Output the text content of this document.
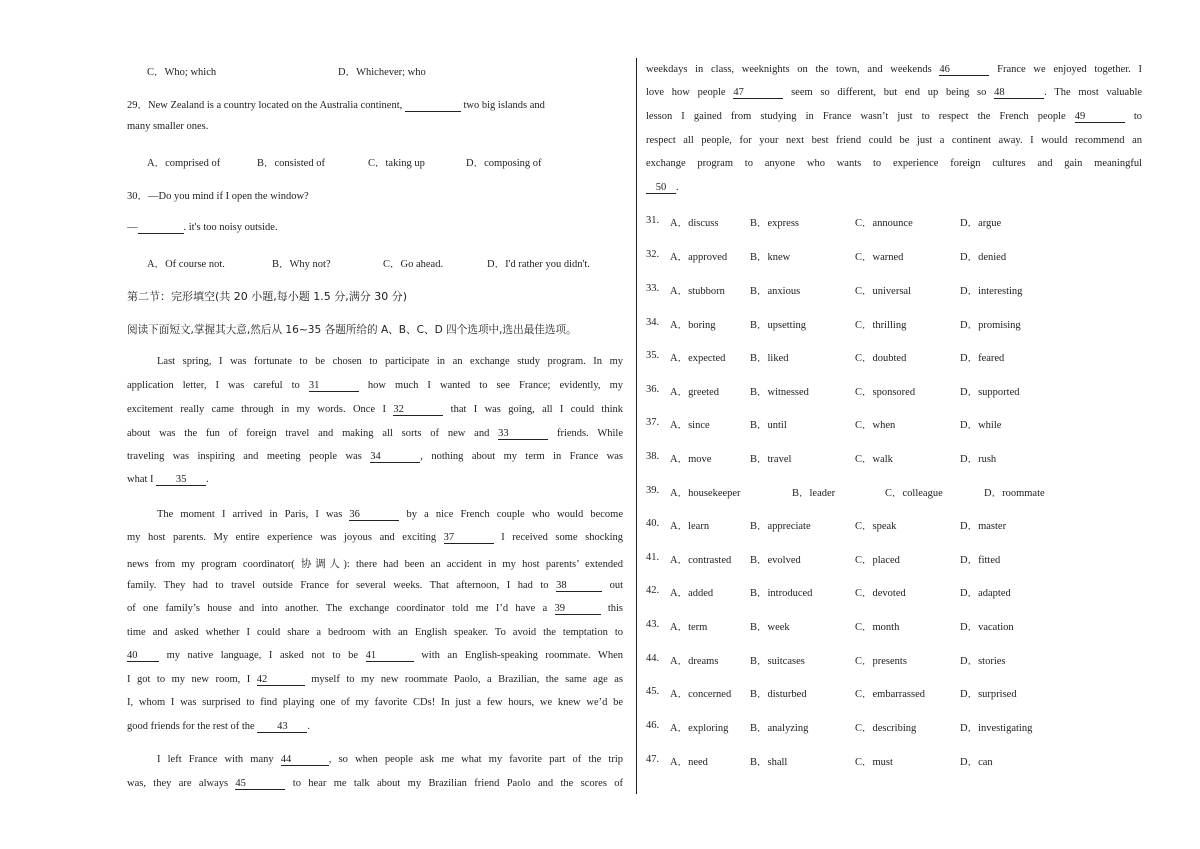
C．Who; which	D．Whichever; who
29．New Zealand is a country located on the Australia continent,	two big islands and
many smaller ones.
A．comprised of	B．consisted of	C．taking up	D．composing of
30．—Do you mind if I open the window?
—	. it's too noisy outside.
A．Of course not.	B．Why not?	C．Go ahead.	D．I'd rather you didn't.
第二节：完形填空(共 20 小题,每小题 1.5 分,满分 30 分)
阅读下面短文,掌握其大意,然后从 16~35 各题所给的 A、B、C、D 四个选项中,选出最佳选项。
Last spring, I was fortunate to be chosen to participate in an exchange study program. In my
application letter, I was careful to 31	how much I wanted to see France; evidently, my
excitement really came through in my words. Once I 32	that I was going, all I could think
about was the fun of foreign travel and making all sorts of new and 33	friends. While
traveling was inspiring and meeting people was 34	, nothing about my term in France was
what I 35 .
The moment I arrived in Paris, I was 36	by a nice French couple who would become
my host parents. My entire experience was joyous and exciting 37	I received some shocking
news from my program coordinator( 协调人): there had been an accident in my host parents’ extended
family. They had to travel outside France for several weeks. That afternoon, I had to 38	out
of one family’s house and into another. The exchange coordinator told me I’d have a 39	this
time and asked whether I could share a bedroom with an English speaker. To avoid the temptation to
40	my native language, I asked not to be 41	with an English-speaking roommate. When
I got to my new room, I 42	myself to my new roommate Paolo, a Brazilian, the same age as
I, whom I was surprised to find playing one of my favorite CDs! In just a few hours, we knew we’d be
good friends for the rest of the 43 .
I left France with many 44	, so when people ask me what my favorite part of the trip
was, they are always 45	to hear me talk about my Brazilian friend Paolo and the scores of
weekdays in class, weeknights on the town, and weekends 46	France we enjoyed together. I
love how people 47	seem so different, but end up being so 48	. The most valuable
lesson I gained from studying in France wasn’t just to respect the French people 49	to
respect all people, for your next best friend could be just a continent away. I would recommend an
exchange program to anyone who wants to experience foreign cultures and gain meaningful
50 .
31. A．discuss	B．express	C．announce	D．argue
32. A．approved B．knew	C．warned	D．denied
33. A．stubborn B．anxious	C．universal	D．interesting
34. A．boring	B．upsetting	C．thrilling	D．promising
35. A．expected B．liked	C．doubted	D．feared
36. A．greeted	B．witnessed	C．sponsored	D．supported
37. A．since	B．until	C．when	D．while
38. A．move	B．travel	C．walk	D．rush
39. A．housekeeper	B．leader	C．colleague	D．roommate
40. A．learn	B．appreciate	C．speak	D．master
41. A．contrasted B．evolved	C．placed	D．fitted
42. A．added	B．introduced	C．devoted	D．adapted
43. A．term	B．week	C．month	D．vacation
44. A．dreams	B．suitcases	C．presents	D．stories
45. A．concerned B．disturbed	C．embarrassed	D．surprised
46. A．exploring B．analyzing	C．describing	D．investigating
47. A．need	B．shall	C．must	D．can
